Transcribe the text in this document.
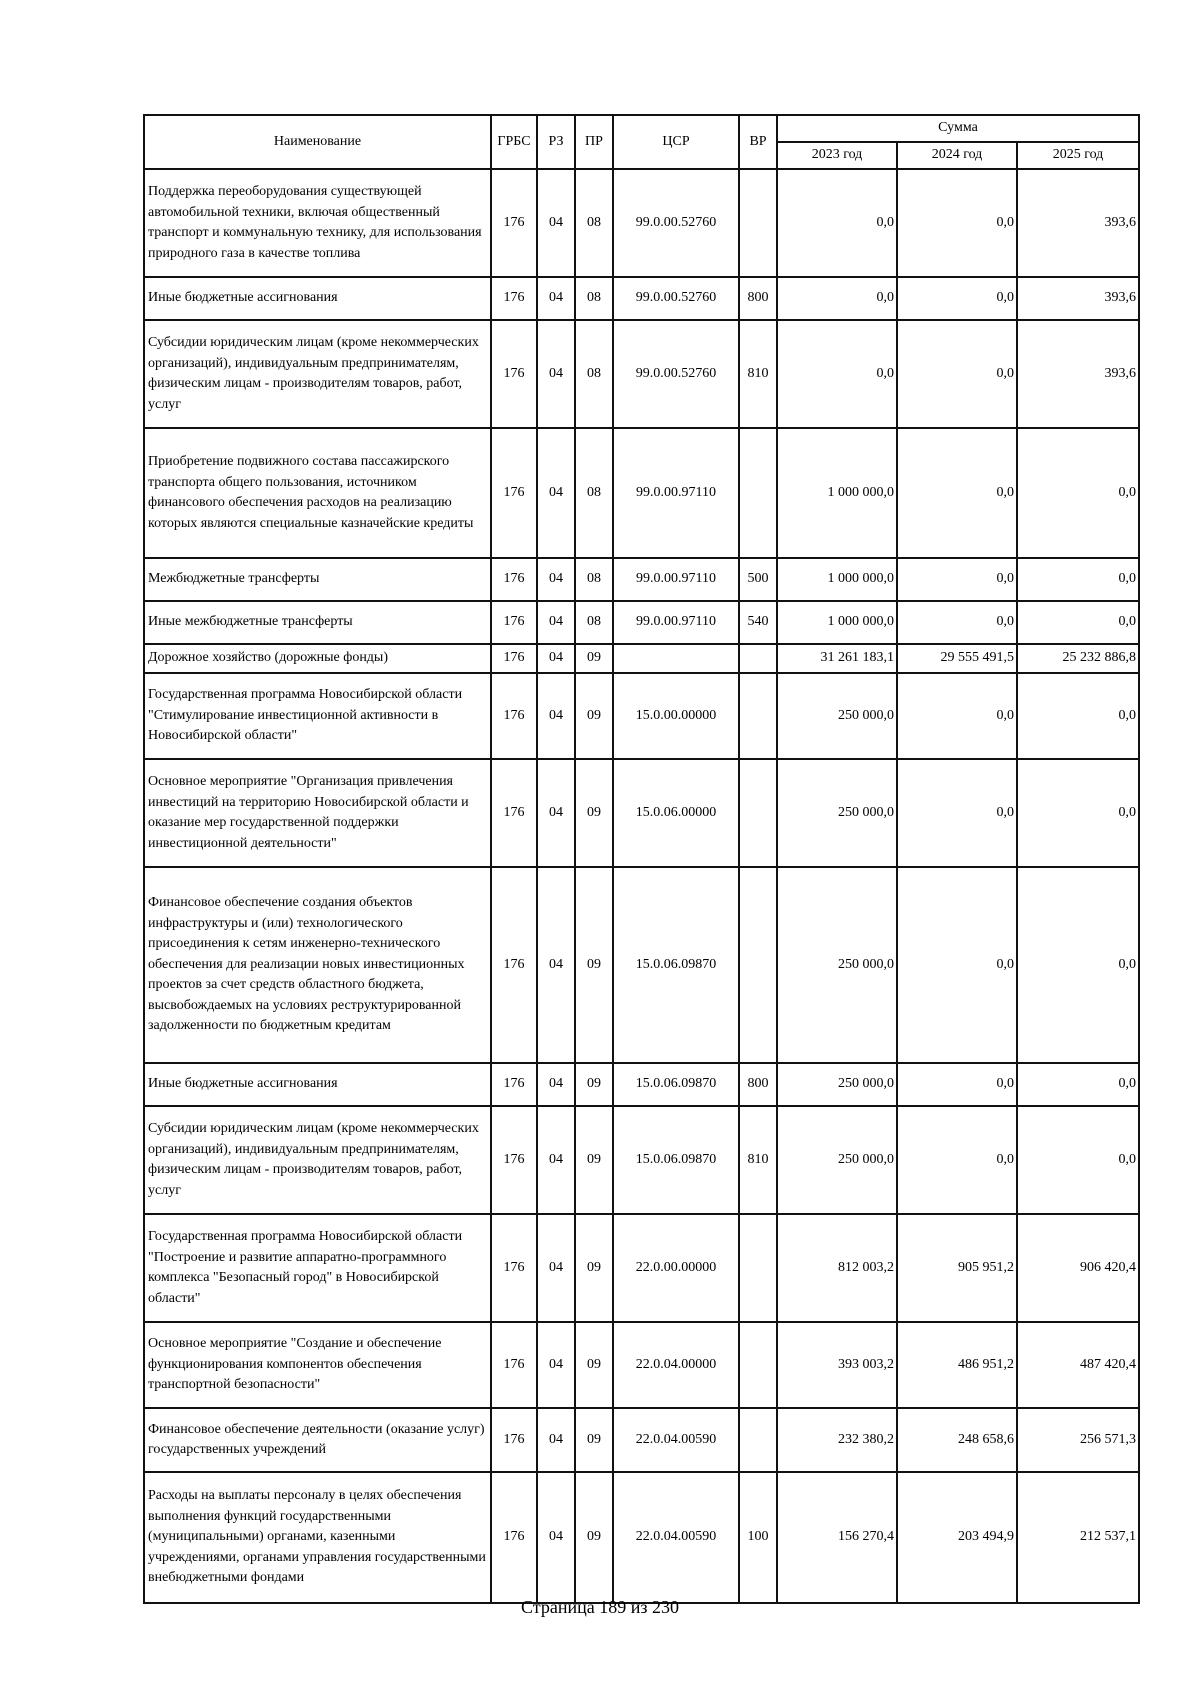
Наименование	ГРБС	РЗ	ПР	ЦСР	ВР	Сумма		
						2023 год	2024 год	2025 год
Поддержка переоборудования существующей автомобильной техники, включая общественный транспорт и коммунальную технику, для использования природного газа в качестве топлива	176	04	08	99.0.00.52760		0,0	0,0	393,6
Иные бюджетные ассигнования	176	04	08	99.0.00.52760	800	0,0	0,0	393,6
Субсидии юридическим лицам (кроме некоммерческих организаций), индивидуальным предпринимателям, физическим лицам - производителям товаров, работ, услуг	176	04	08	99.0.00.52760	810	0,0	0,0	393,6
Приобретение подвижного состава пассажирского транспорта общего пользования, источником финансового обеспечения расходов на реализацию которых являются специальные казначейские кредиты	176	04	08	99.0.00.97110		1 000 000,0	0,0	0,0
Межбюджетные трансферты	176	04	08	99.0.00.97110	500	1 000 000,0	0,0	0,0
Иные межбюджетные трансферты	176	04	08	99.0.00.97110	540	1 000 000,0	0,0	0,0
Дорожное хозяйство (дорожные фонды)	176	04	09			31 261 183,1	29 555 491,5	25 232 886,8
Государственная программа Новосибирской области "Стимулирование инвестиционной активности в Новосибирской области"	176	04	09	15.0.00.00000		250 000,0	0,0	0,0
Основное мероприятие "Организация привлечения инвестиций на территорию Новосибирской области и оказание мер государственной поддержки инвестиционной деятельности"	176	04	09	15.0.06.00000		250 000,0	0,0	0,0
Финансовое обеспечение создания объектов инфраструктуры и (или) технологического присоединения к сетям инженерно-технического обеспечения для реализации новых инвестиционных проектов за счет средств областного бюджета, высвобождаемых на условиях реструктурированной задолженности по бюджетным кредитам	176	04	09	15.0.06.09870		250 000,0	0,0	0,0
Иные бюджетные ассигнования	176	04	09	15.0.06.09870	800	250 000,0	0,0	0,0
Субсидии юридическим лицам (кроме некоммерческих организаций), индивидуальным предпринимателям, физическим лицам - производителям товаров, работ, услуг	176	04	09	15.0.06.09870	810	250 000,0	0,0	0,0
Государственная программа Новосибирской области "Построение и развитие аппаратно-программного комплекса "Безопасный город" в Новосибирской области"	176	04	09	22.0.00.00000		812 003,2	905 951,2	906 420,4
Основное мероприятие "Создание и обеспечение функционирования компонентов обеспечения транспортной безопасности"	176	04	09	22.0.04.00000		393 003,2	486 951,2	487 420,4
Финансовое обеспечение деятельности (оказание услуг) государственных учреждений	176	04	09	22.0.04.00590		232 380,2	248 658,6	256 571,3
Расходы на выплаты персоналу в целях обеспечения выполнения функций государственными (муниципальными) органами, казенными учреждениями, органами управления государственными внебюджетными фондами	176	04	09	22.0.04.00590	100	156 270,4	203 494,9	212 537,1
Страница 189 из 230
